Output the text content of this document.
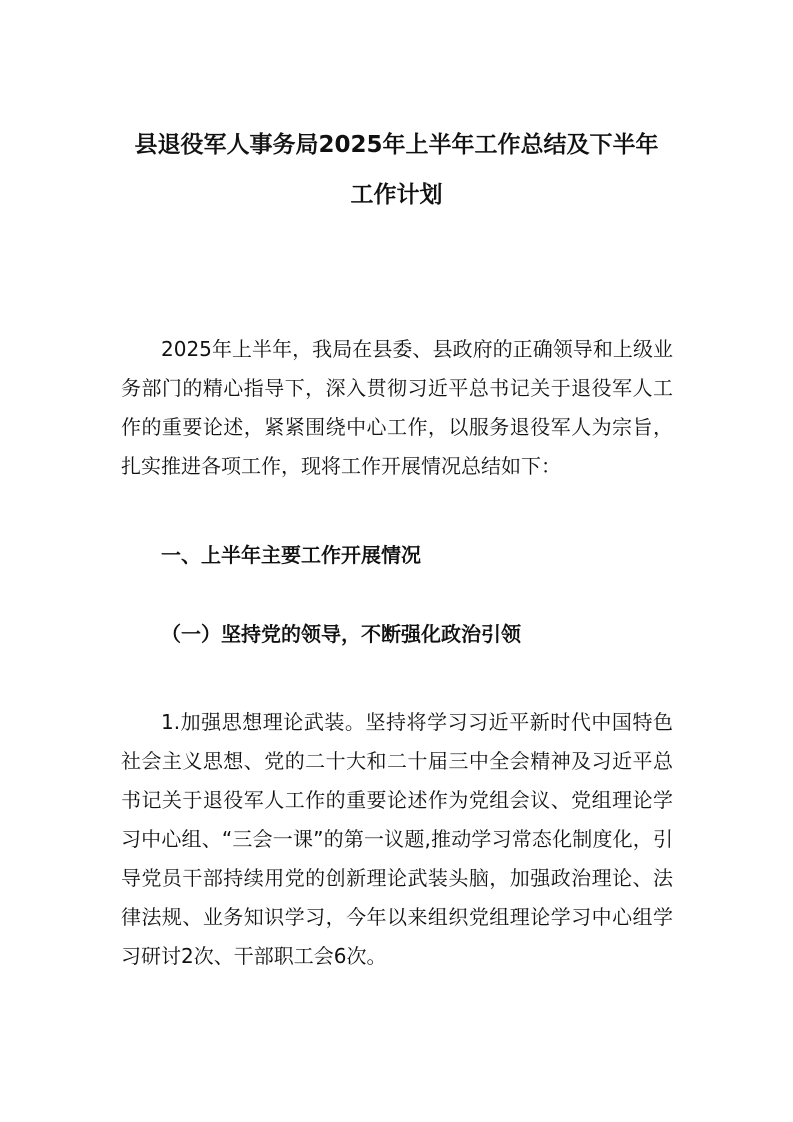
县退役军人事务局2025年上半年工作总结及下半年
工作计划

2025年上半年，我局在县委、县政府的正确领导和上级业务部门的精心指导下，深入贯彻习近平总书记关于退役军人工作的重要论述，紧紧围绕中心工作，以服务退役军人为宗旨，扎实推进各项工作，现将工作开展情况总结如下：

一、上半年主要工作开展情况
（一）坚持党的领导，不断强化政治引领

1.加强思想理论武装。坚持将学习习近平新时代中国特色社会主义思想、党的二十大和二十届三中全会精神及习近平总书记关于退役军人工作的重要论述作为党组会议、党组理论学习中心组、“三会一课”的第一议题,推动学习常态化制度化，引导党员干部持续用党的创新理论武装头脑，加强政治理论、法律法规、业务知识学习，今年以来组织党组理论学习中心组学习研讨2次、干部职工会6次。
